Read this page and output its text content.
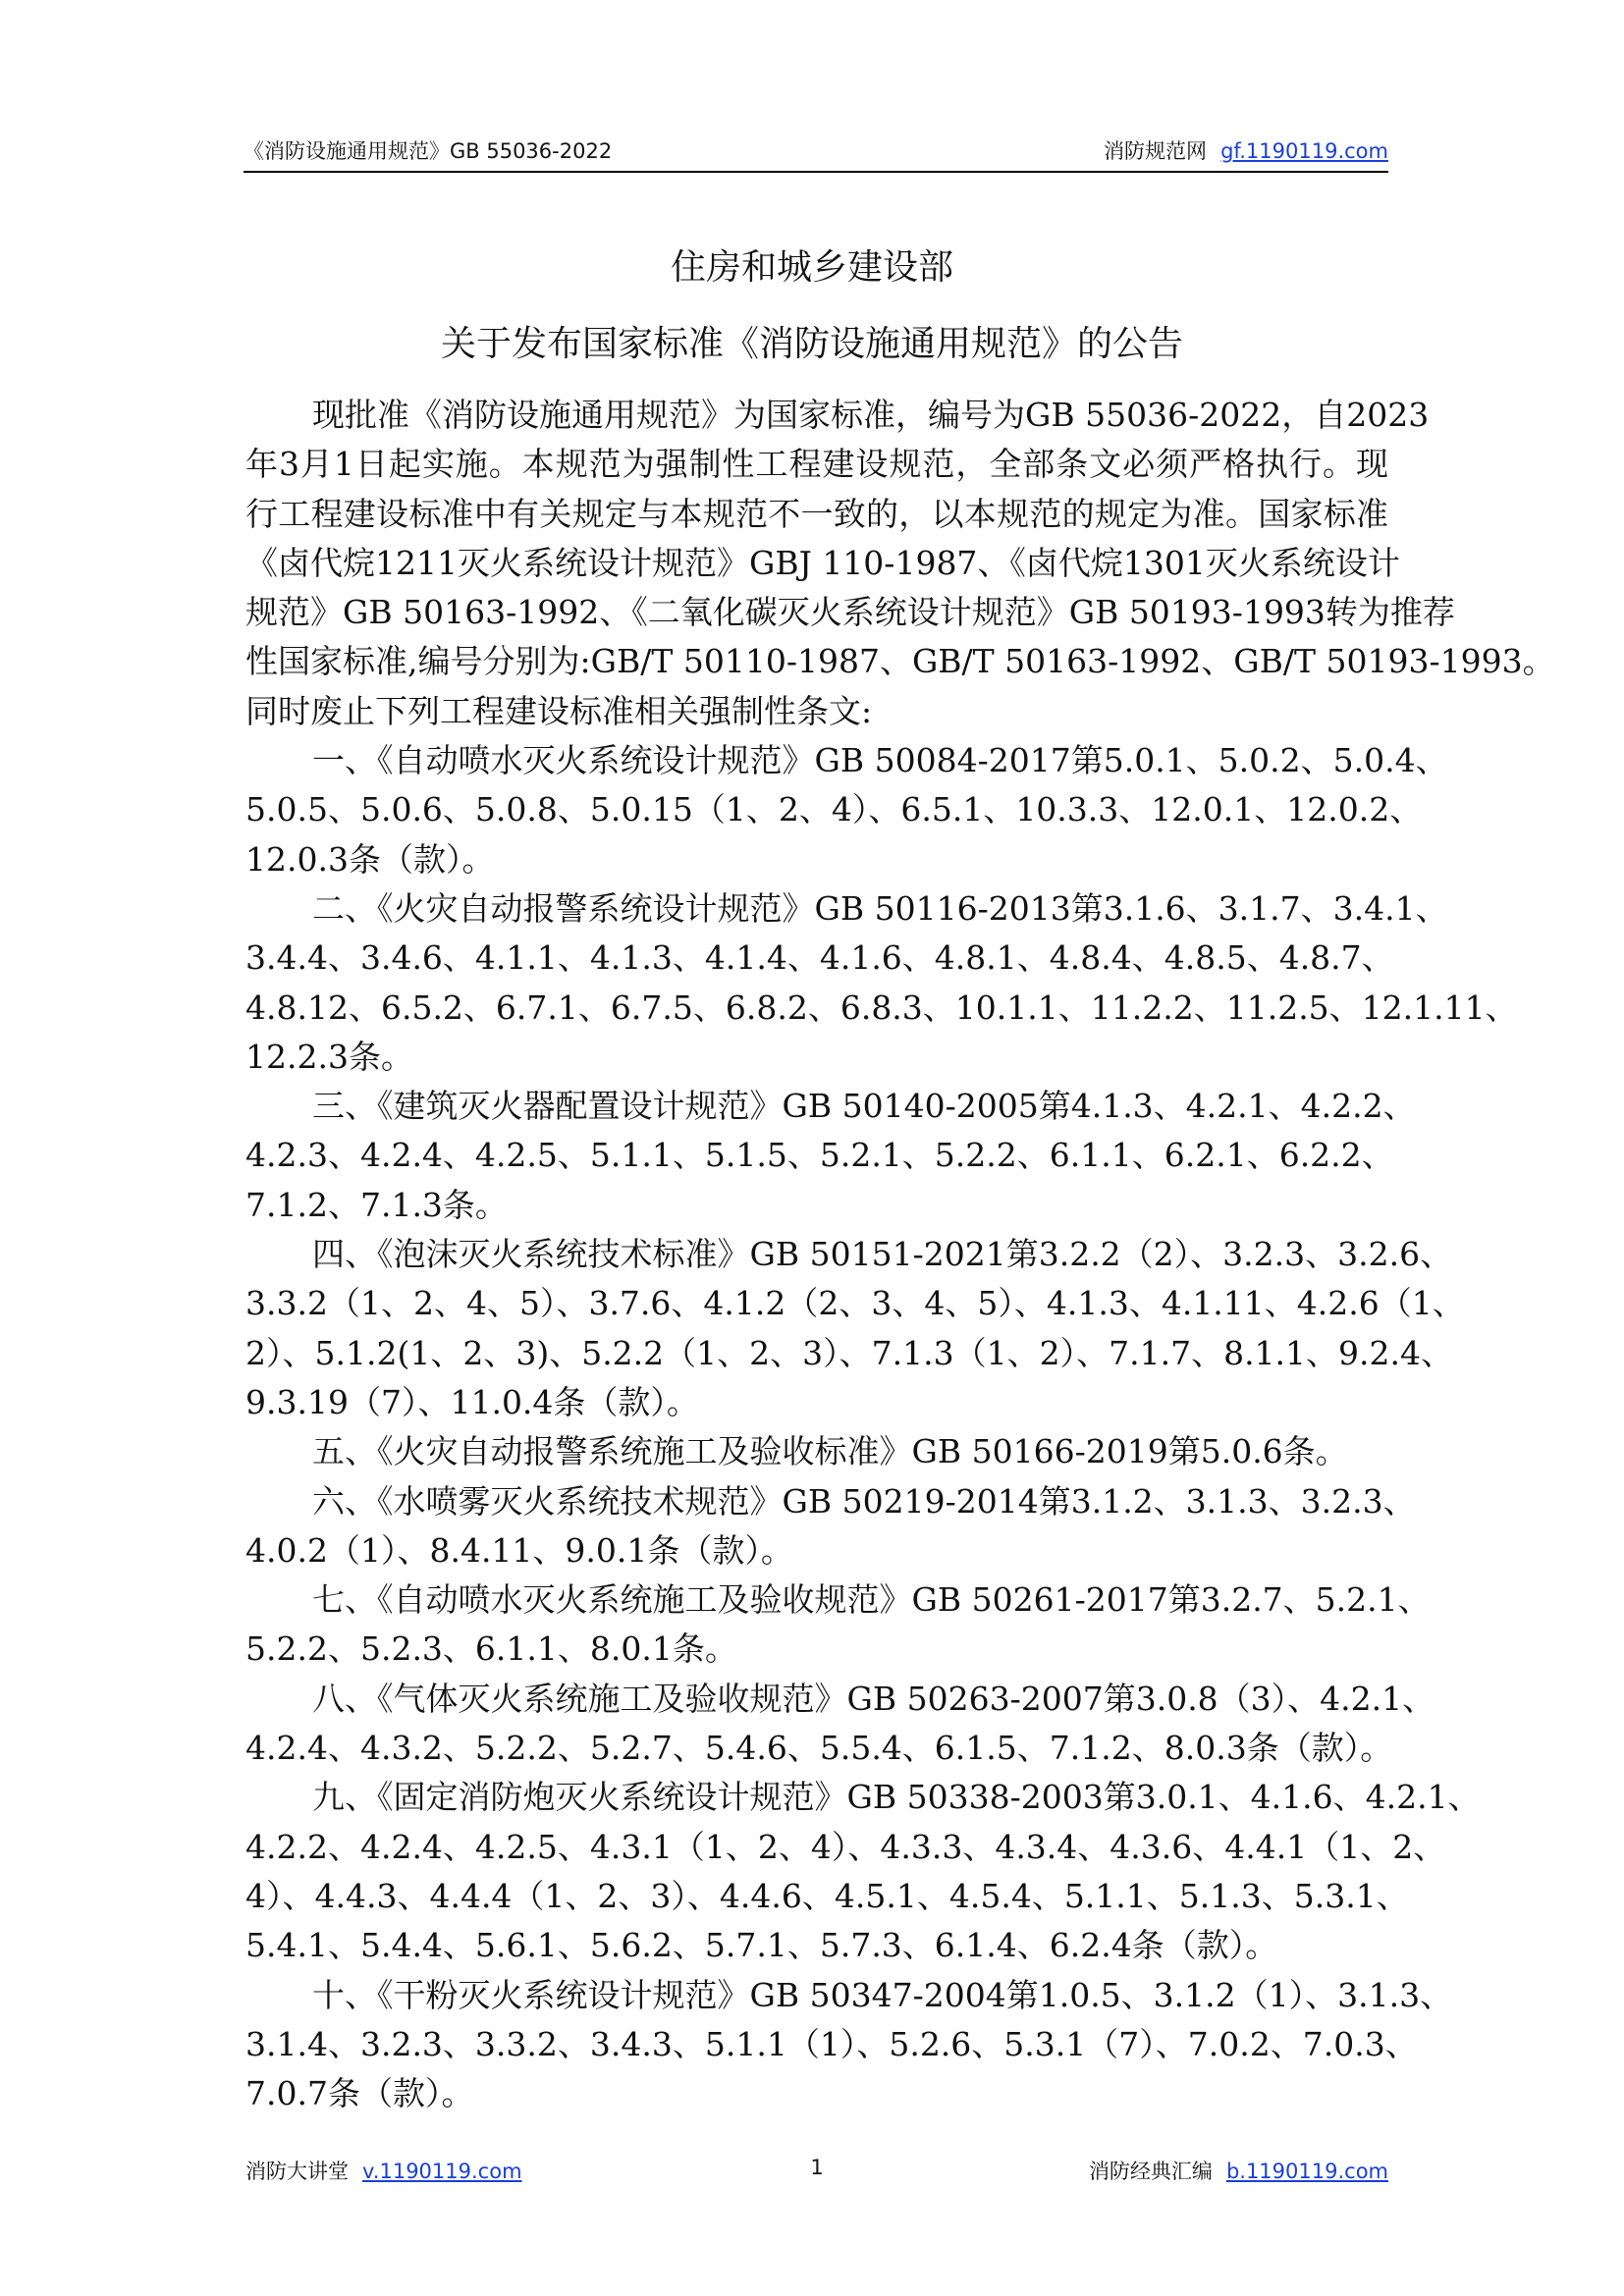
《消防设施通用规范》GB 55036-2022	消防规范网 gf.1190119.com
住房和城乡建设部
关于发布国家标准《消防设施通用规范》的公告
现批准《消防设施通用规范》为国家标准，编号为GB 55036-2022，自2023
年3月1日起实施。本规范为强制性工程建设规范，全部条文必须严格执行。现
行工程建设标准中有关规定与本规范不一致的，以本规范的规定为准。国家标准
《卤代烷1211灭火系统设计规范》GBJ 110-1987、《卤代烷1301灭火系统设计
规范》GB 50163-1992、《二氧化碳灭火系统设计规范》GB 50193-1993转为推荐
性国家标准,编号分别为:GB/T 50110-1987、GB/T 50163-1992、GB/T 50193-1993。
同时废止下列工程建设标准相关强制性条文:
一、《自动喷水灭火系统设计规范》GB 50084-2017第5.0.1、5.0.2、5.0.4、
5.0.5、5.0.6、5.0.8、5.0.15（1、2、4）、6.5.1、10.3.3、12.0.1、12.0.2、
12.0.3条（款）。
二、《火灾自动报警系统设计规范》GB 50116-2013第3.1.6、3.1.7、3.4.1、
3.4.4、3.4.6、4.1.1、4.1.3、4.1.4、4.1.6、4.8.1、4.8.4、4.8.5、4.8.7、
4.8.12、6.5.2、6.7.1、6.7.5、6.8.2、6.8.3、10.1.1、11.2.2、11.2.5、12.1.11、
12.2.3条。
三、《建筑灭火器配置设计规范》GB 50140-2005第4.1.3、4.2.1、4.2.2、
4.2.3、4.2.4、4.2.5、5.1.1、5.1.5、5.2.1、5.2.2、6.1.1、6.2.1、6.2.2、
7.1.2、7.1.3条。
四、《泡沫灭火系统技术标准》GB 50151-2021第3.2.2（2）、3.2.3、3.2.6、
3.3.2（1、2、4、5）、3.7.6、4.1.2（2、3、4、5）、4.1.3、4.1.11、4.2.6（1、
2）、5.1.2(1、2、3)、5.2.2（1、2、3）、7.1.3（1、2）、7.1.7、8.1.1、9.2.4、
9.3.19（7）、11.0.4条（款）。
五、《火灾自动报警系统施工及验收标准》GB 50166-2019第5.0.6条。
六、《水喷雾灭火系统技术规范》GB 50219-2014第3.1.2、3.1.3、3.2.3、
4.0.2（1）、8.4.11、9.0.1条（款）。
七、《自动喷水灭火系统施工及验收规范》GB 50261-2017第3.2.7、5.2.1、
5.2.2、5.2.3、6.1.1、8.0.1条。
八、《气体灭火系统施工及验收规范》GB 50263-2007第3.0.8（3）、4.2.1、
4.2.4、4.3.2、5.2.2、5.2.7、5.4.6、5.5.4、6.1.5、7.1.2、8.0.3条（款）。
九、《固定消防炮灭火系统设计规范》GB 50338-2003第3.0.1、4.1.6、4.2.1、
4.2.2、4.2.4、4.2.5、4.3.1（1、2、4）、4.3.3、4.3.4、4.3.6、4.4.1（1、2、
4）、4.4.3、4.4.4（1、2、3）、4.4.6、4.5.1、4.5.4、5.1.1、5.1.3、5.3.1、
5.4.1、5.4.4、5.6.1、5.6.2、5.7.1、5.7.3、6.1.4、6.2.4条（款）。
十、《干粉灭火系统设计规范》GB 50347-2004第1.0.5、3.1.2（1）、3.1.3、
3.1.4、3.2.3、3.3.2、3.4.3、5.1.1（1）、5.2.6、5.3.1（7）、7.0.2、7.0.3、
7.0.7条（款）。
消防大讲堂 v.1190119.com	1	消防经典汇编 b.1190119.com
